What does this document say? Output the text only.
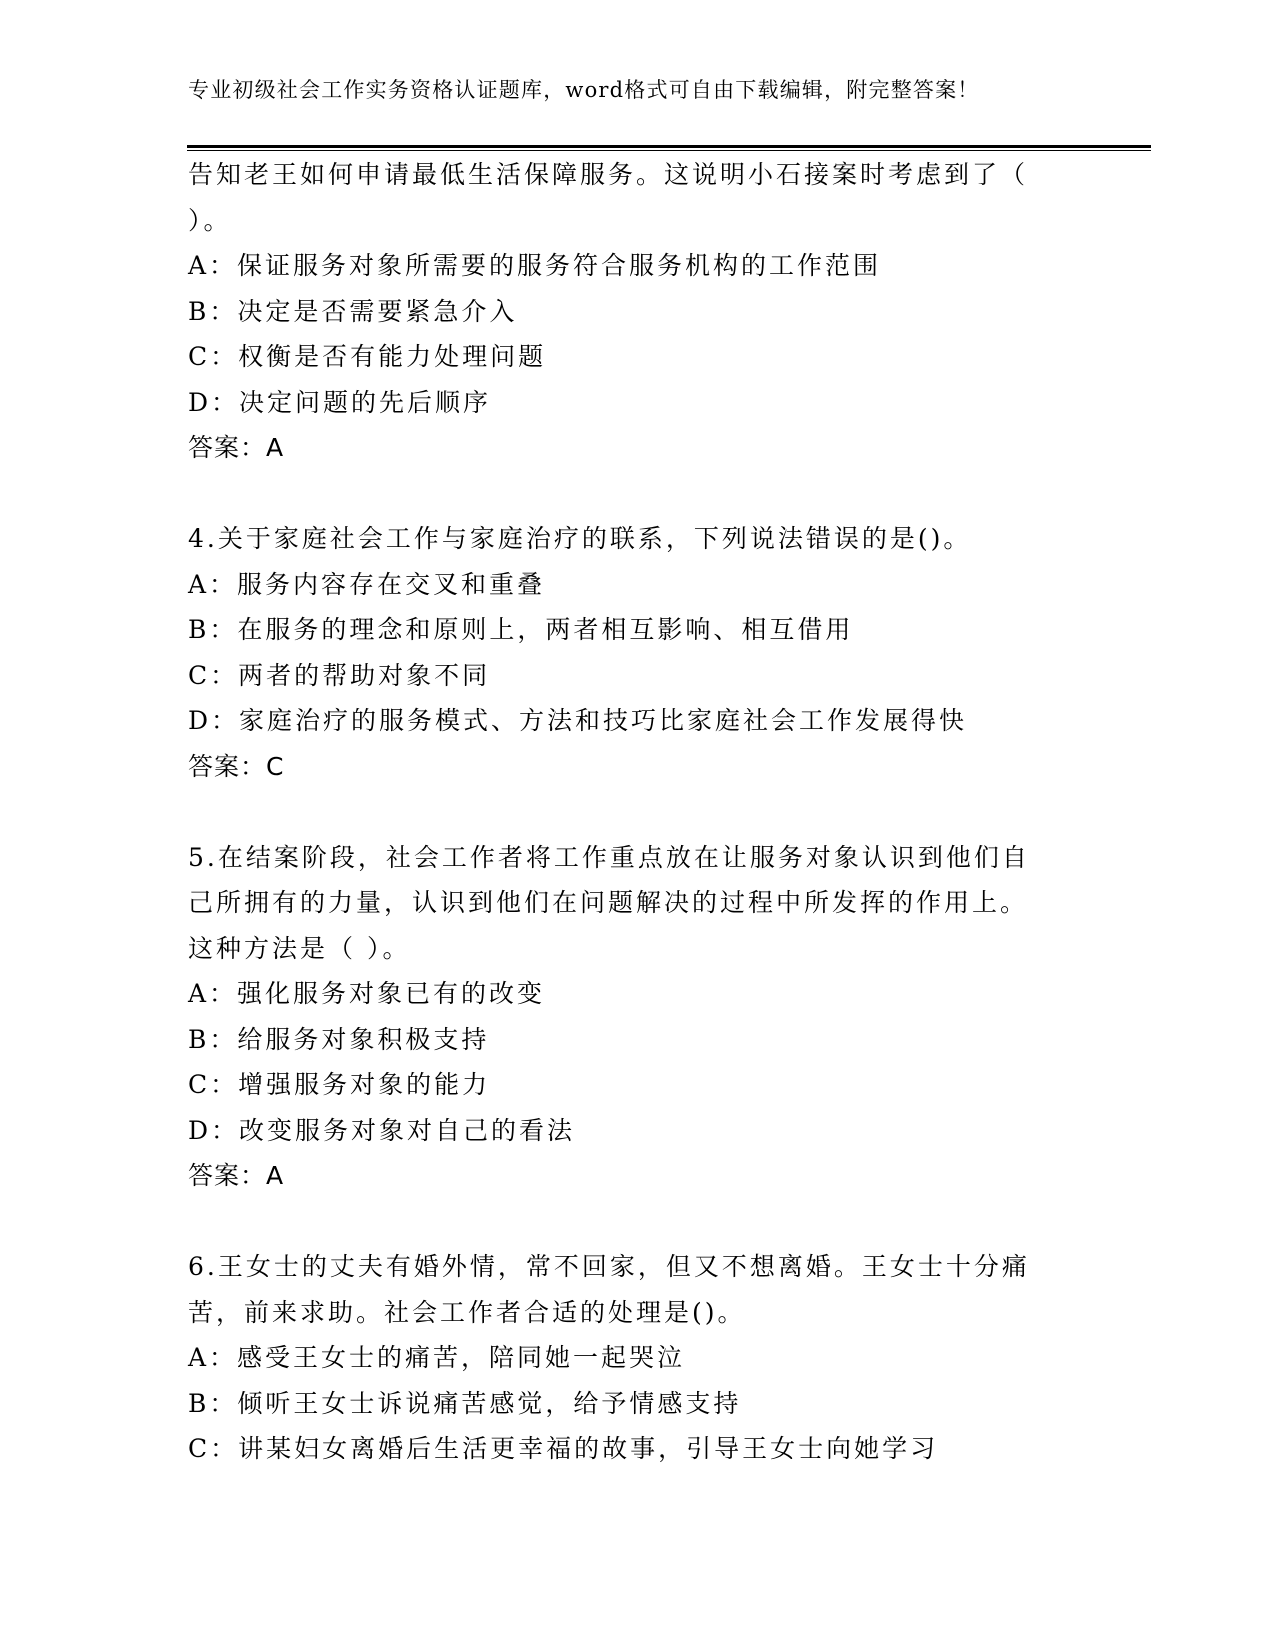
专业初级社会工作实务资格认证题库，word格式可自由下载编辑，附完整答案！
告知老王如何申请最低生活保障服务。这说明小石接案时考虑到了（
）。
A：保证服务对象所需要的服务符合服务机构的工作范围
B：决定是否需要紧急介入
C：权衡是否有能力处理问题
D：决定问题的先后顺序
答案：A
4.关于家庭社会工作与家庭治疗的联系，下列说法错误的是()。
A：服务内容存在交叉和重叠
B：在服务的理念和原则上，两者相互影响、相互借用
C：两者的帮助对象不同
D：家庭治疗的服务模式、方法和技巧比家庭社会工作发展得快
答案：C
5.在结案阶段，社会工作者将工作重点放在让服务对象认识到他们自
己所拥有的力量，认识到他们在问题解决的过程中所发挥的作用上。
这种方法是（ ）。
A：强化服务对象已有的改变
B：给服务对象积极支持
C：增强服务对象的能力
D：改变服务对象对自己的看法
答案：A
6.王女士的丈夫有婚外情，常不回家，但又不想离婚。王女士十分痛
苦，前来求助。社会工作者合适的处理是()。
A：感受王女士的痛苦，陪同她一起哭泣
B：倾听王女士诉说痛苦感觉，给予情感支持
C：讲某妇女离婚后生活更幸福的故事，引导王女士向她学习
